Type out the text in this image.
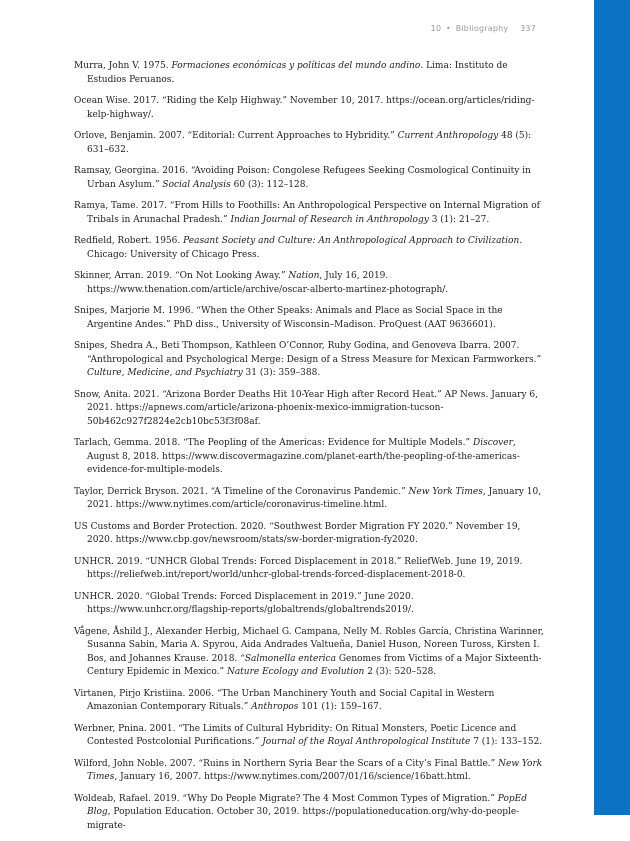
10 • Bibliography 337

Murra, John V. 1975. Formaciones económicas y políticas del mundo andino. Lima: Instituto de Estudios Peruanos.

Ocean Wise. 2017. “Riding the Kelp Highway.” November 10, 2017. https://ocean.org/articles/riding-kelp-highway/.

Orlove, Benjamin. 2007. “Editorial: Current Approaches to Hybridity.” Current Anthropology 48 (5): 631–632.

Ramsay, Georgina. 2016. “Avoiding Poison: Congolese Refugees Seeking Cosmological Continuity in Urban Asylum.” Social Analysis 60 (3): 112–128.

Ramya, Tame. 2017. “From Hills to Foothills: An Anthropological Perspective on Internal Migration of Tribals in Arunachal Pradesh.” Indian Journal of Research in Anthropology 3 (1): 21–27.

Redfield, Robert. 1956. Peasant Society and Culture: An Anthropological Approach to Civilization. Chicago: University of Chicago Press.

Skinner, Arran. 2019. “On Not Looking Away.” Nation, July 16, 2019. https://www.thenation.com/article/archive/oscar-alberto-martinez-photograph/.

Snipes, Marjorie M. 1996. “When the Other Speaks: Animals and Place as Social Space in the Argentine Andes.” PhD diss., University of Wisconsin–Madison. ProQuest (AAT 9636601).

Snipes, Shedra A., Beti Thompson, Kathleen O’Connor, Ruby Godina, and Genoveva Ibarra. 2007. “Anthropological and Psychological Merge: Design of a Stress Measure for Mexican Farmworkers.” Culture, Medicine, and Psychiatry 31 (3): 359–388.

Snow, Anita. 2021. “Arizona Border Deaths Hit 10-Year High after Record Heat.” AP News. January 6, 2021. https://apnews.com/article/arizona-phoenix-mexico-immigration-tucson-50b462c927f2824e2cb10bc53f3f08af.

Tarlach, Gemma. 2018. “The Peopling of the Americas: Evidence for Multiple Models.” Discover, August 8, 2018. https://www.discovermagazine.com/planet-earth/the-peopling-of-the-americas-evidence-for-multiple-models.

Taylor, Derrick Bryson. 2021. “A Timeline of the Coronavirus Pandemic.” New York Times, January 10, 2021. https://www.nytimes.com/article/coronavirus-timeline.html.

US Customs and Border Protection. 2020. “Southwest Border Migration FY 2020.” November 19, 2020. https://www.cbp.gov/newsroom/stats/sw-border-migration-fy2020.

UNHCR. 2019. “UNHCR Global Trends: Forced Displacement in 2018.” ReliefWeb. June 19, 2019. https://reliefweb.int/report/world/unhcr-global-trends-forced-displacement-2018-0.

UNHCR. 2020. “Global Trends: Forced Displacement in 2019.” June 2020. https://www.unhcr.org/flagship-reports/globaltrends/globaltrends2019/.

Vågene, Åshild J., Alexander Herbig, Michael G. Campana, Nelly M. Robles García, Christina Warinner, Susanna Sabin, Maria A. Spyrou, Aida Andrades Valtueña, Daniel Huson, Noreen Tuross, Kirsten I. Bos, and Johannes Krause. 2018. “Salmonella enterica Genomes from Victims of a Major Sixteenth-Century Epidemic in Mexico.” Nature Ecology and Evolution 2 (3): 520–528.

Virtanen, Pirjo Kristiina. 2006. “The Urban Manchinery Youth and Social Capital in Western Amazonian Contemporary Rituals.” Anthropos 101 (1): 159–167.

Werbner, Pnina. 2001. “The Limits of Cultural Hybridity: On Ritual Monsters, Poetic Licence and Contested Postcolonial Purifications.” Journal of the Royal Anthropological Institute 7 (1): 133–152.

Wilford, John Noble. 2007. “Ruins in Northern Syria Bear the Scars of a City’s Final Battle.” New York Times, January 16, 2007. https://www.nytimes.com/2007/01/16/science/16batt.html.

Woldeab, Rafael. 2019. “Why Do People Migrate? The 4 Most Common Types of Migration.” PopEd Blog, Population Education. October 30, 2019. https://populationeducation.org/why-do-people-migrate-
